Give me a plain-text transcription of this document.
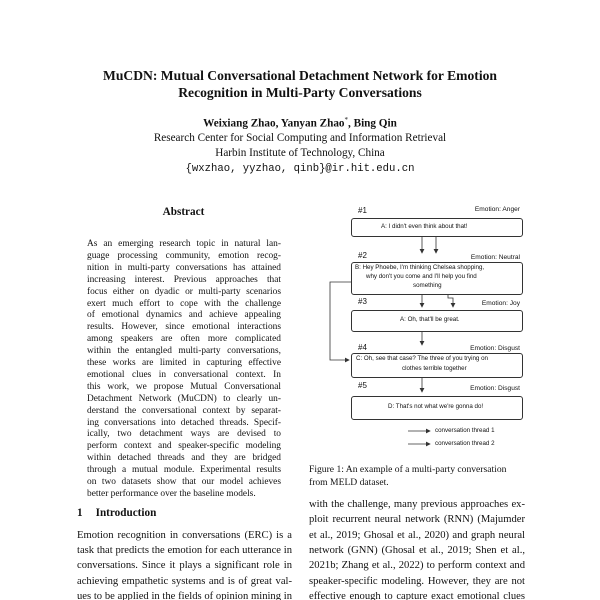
MuCDN: Mutual Conversational Detachment Network for Emotion
Recognition in Multi-Party Conversations
Weixiang Zhao, Yanyan Zhao*, Bing Qin
Research Center for Social Computing and Information Retrieval
Harbin Institute of Technology, China
{wxzhao, yyzhao, qinb}@ir.hit.edu.cn
Abstract
As an emerging research topic in natural lan-
guage processing community, emotion recog-
nition in multi-party conversations has attained
increasing interest. Previous approaches that
focus either on dyadic or multi-party scenarios
exert much effort to cope with the challenge
of emotional dynamics and achieve appealing
results. However, since emotional interactions
among speakers are often more complicated
within the entangled multi-party conversations,
these works are limited in capturing effective
emotional clues in conversational context. In
this work, we propose Mutual Conversational
Detachment Network (MuCDN) to clearly un-
derstand the conversational context by separat-
ing conversations into detached threads. Specif-
ically, two detachment ways are devised to
perform context and speaker-specific modeling
within detached threads and they are bridged
through a mutual module. Experimental results
on two datasets show that our model achieves
better performance over the baseline models.
1 Introduction
Emotion recognition in conversations (ERC) is a
task that predicts the emotion for each utterance in
conversations. Since it plays a significant role in
achieving empathetic systems and is of great val-
ues to be applied in the fields of opinion mining in
with the challenge, many previous approaches ex-
ploit recurrent neural network (RNN) (Majumder
et al., 2019; Ghosal et al., 2020) and graph neural
network (GNN) (Ghosal et al., 2019; Shen et al.,
2021b; Zhang et al., 2022) to perform context and
speaker-specific modeling. However, they are not
effective enough to capture exact emotional clues
#1	Emotion: Anger
A: I didn't even think about that!
#2	Emotion: Neutral
B: Hey Phoebe, I'm thinking Chelsea shopping,
why don't you come and I'll help you find
something
#3	Emotion: Joy
A: Oh, that'll be great.
#4	Emotion: Disgust
C: Oh, see that case? The three of you trying on
clothes terrible together
#5	Emotion: Disgust
D: That's not what we're gonna do!
conversation thread 1
conversation thread 2
Figure 1: An example of a multi-party conversation
from MELD dataset.
